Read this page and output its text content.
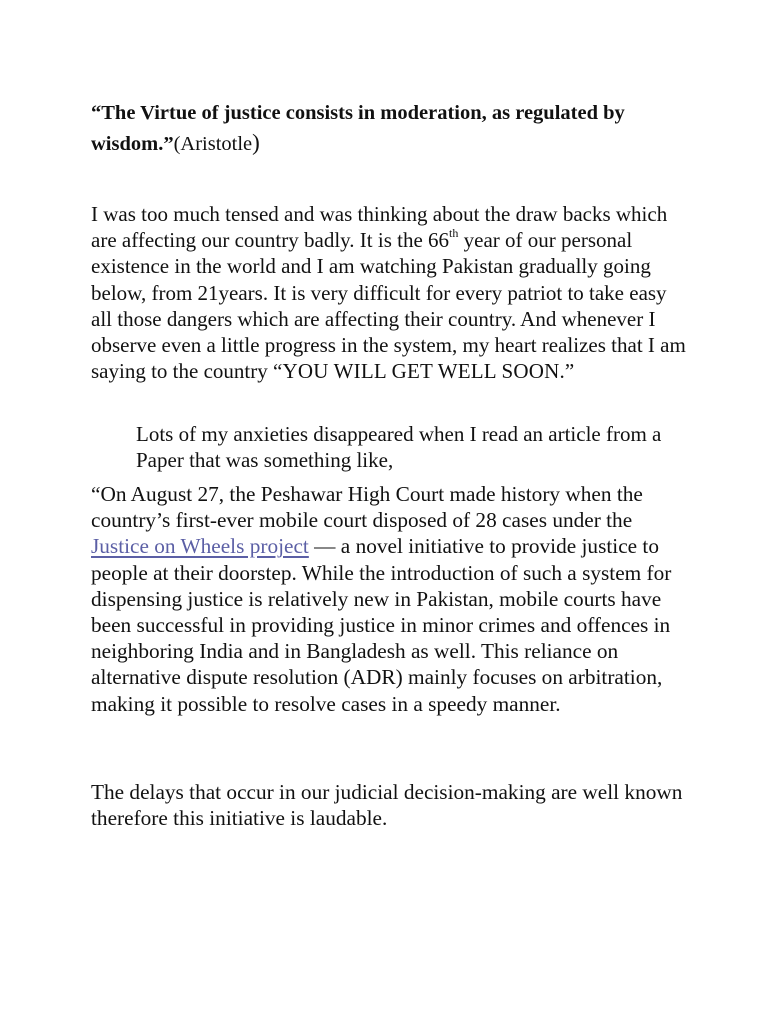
“The Virtue of justice consists in moderation, as regulated by wisdom.”(Aristotle)

I was too much tensed and was thinking about the draw backs which are affecting our country badly. It is the 66th year of our personal existence in the world and I am watching Pakistan gradually going below, from 21years. It is very difficult for every patriot to take easy all those dangers which are affecting their country. And whenever I observe even a little progress in the system, my heart realizes that I am saying to the country “YOU WILL GET WELL SOON.”

Lots of my anxieties disappeared when I read an article from a Paper that was something like,

“On August 27, the Peshawar High Court made history when the country’s first-ever mobile court disposed of 28 cases under the Justice on Wheels project — a novel initiative to provide justice to people at their doorstep. While the introduction of such a system for dispensing justice is relatively new in Pakistan, mobile courts have been successful in providing justice in minor crimes and offences in neighboring India and in Bangladesh as well. This reliance on alternative dispute resolution (ADR) mainly focuses on arbitration, making it possible to resolve cases in a speedy manner.

The delays that occur in our judicial decision-making are well known therefore this initiative is laudable.
